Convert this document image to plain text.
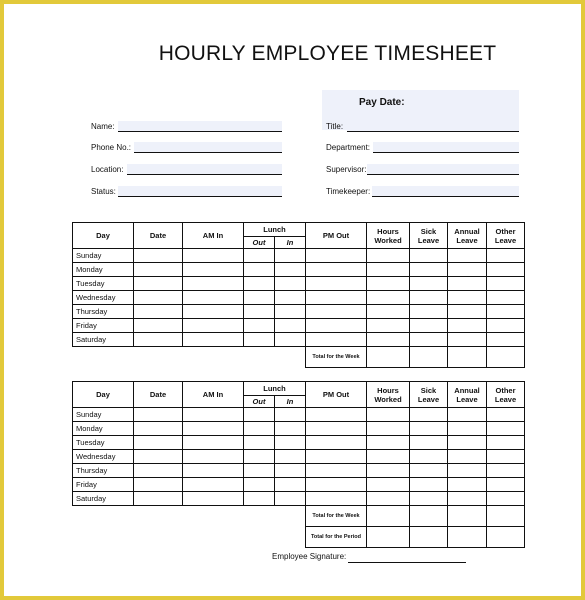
HOURLY EMPLOYEE TIMESHEET
Pay Date:
Name:
Phone No.:
Location:
Status:
Title:
Department:
Supervisor:
Timekeeper:
Day	Date	AM In	Lunch		PM Out	Hours Worked	Sick Leave	Annual Leave	Other Leave
			Out	In					
Sunday									
Monday									
Tuesday									
Wednesday									
Thursday									
Friday									
Saturday									
					Total for the Week				
Day	Date	AM In	Lunch		PM Out	Hours Worked	Sick Leave	Annual Leave	Other Leave
			Out	In					
Sunday									
Monday									
Tuesday									
Wednesday									
Thursday									
Friday									
Saturday									
					Total for the Week				
					Total for the Period				
Employee Signature:
